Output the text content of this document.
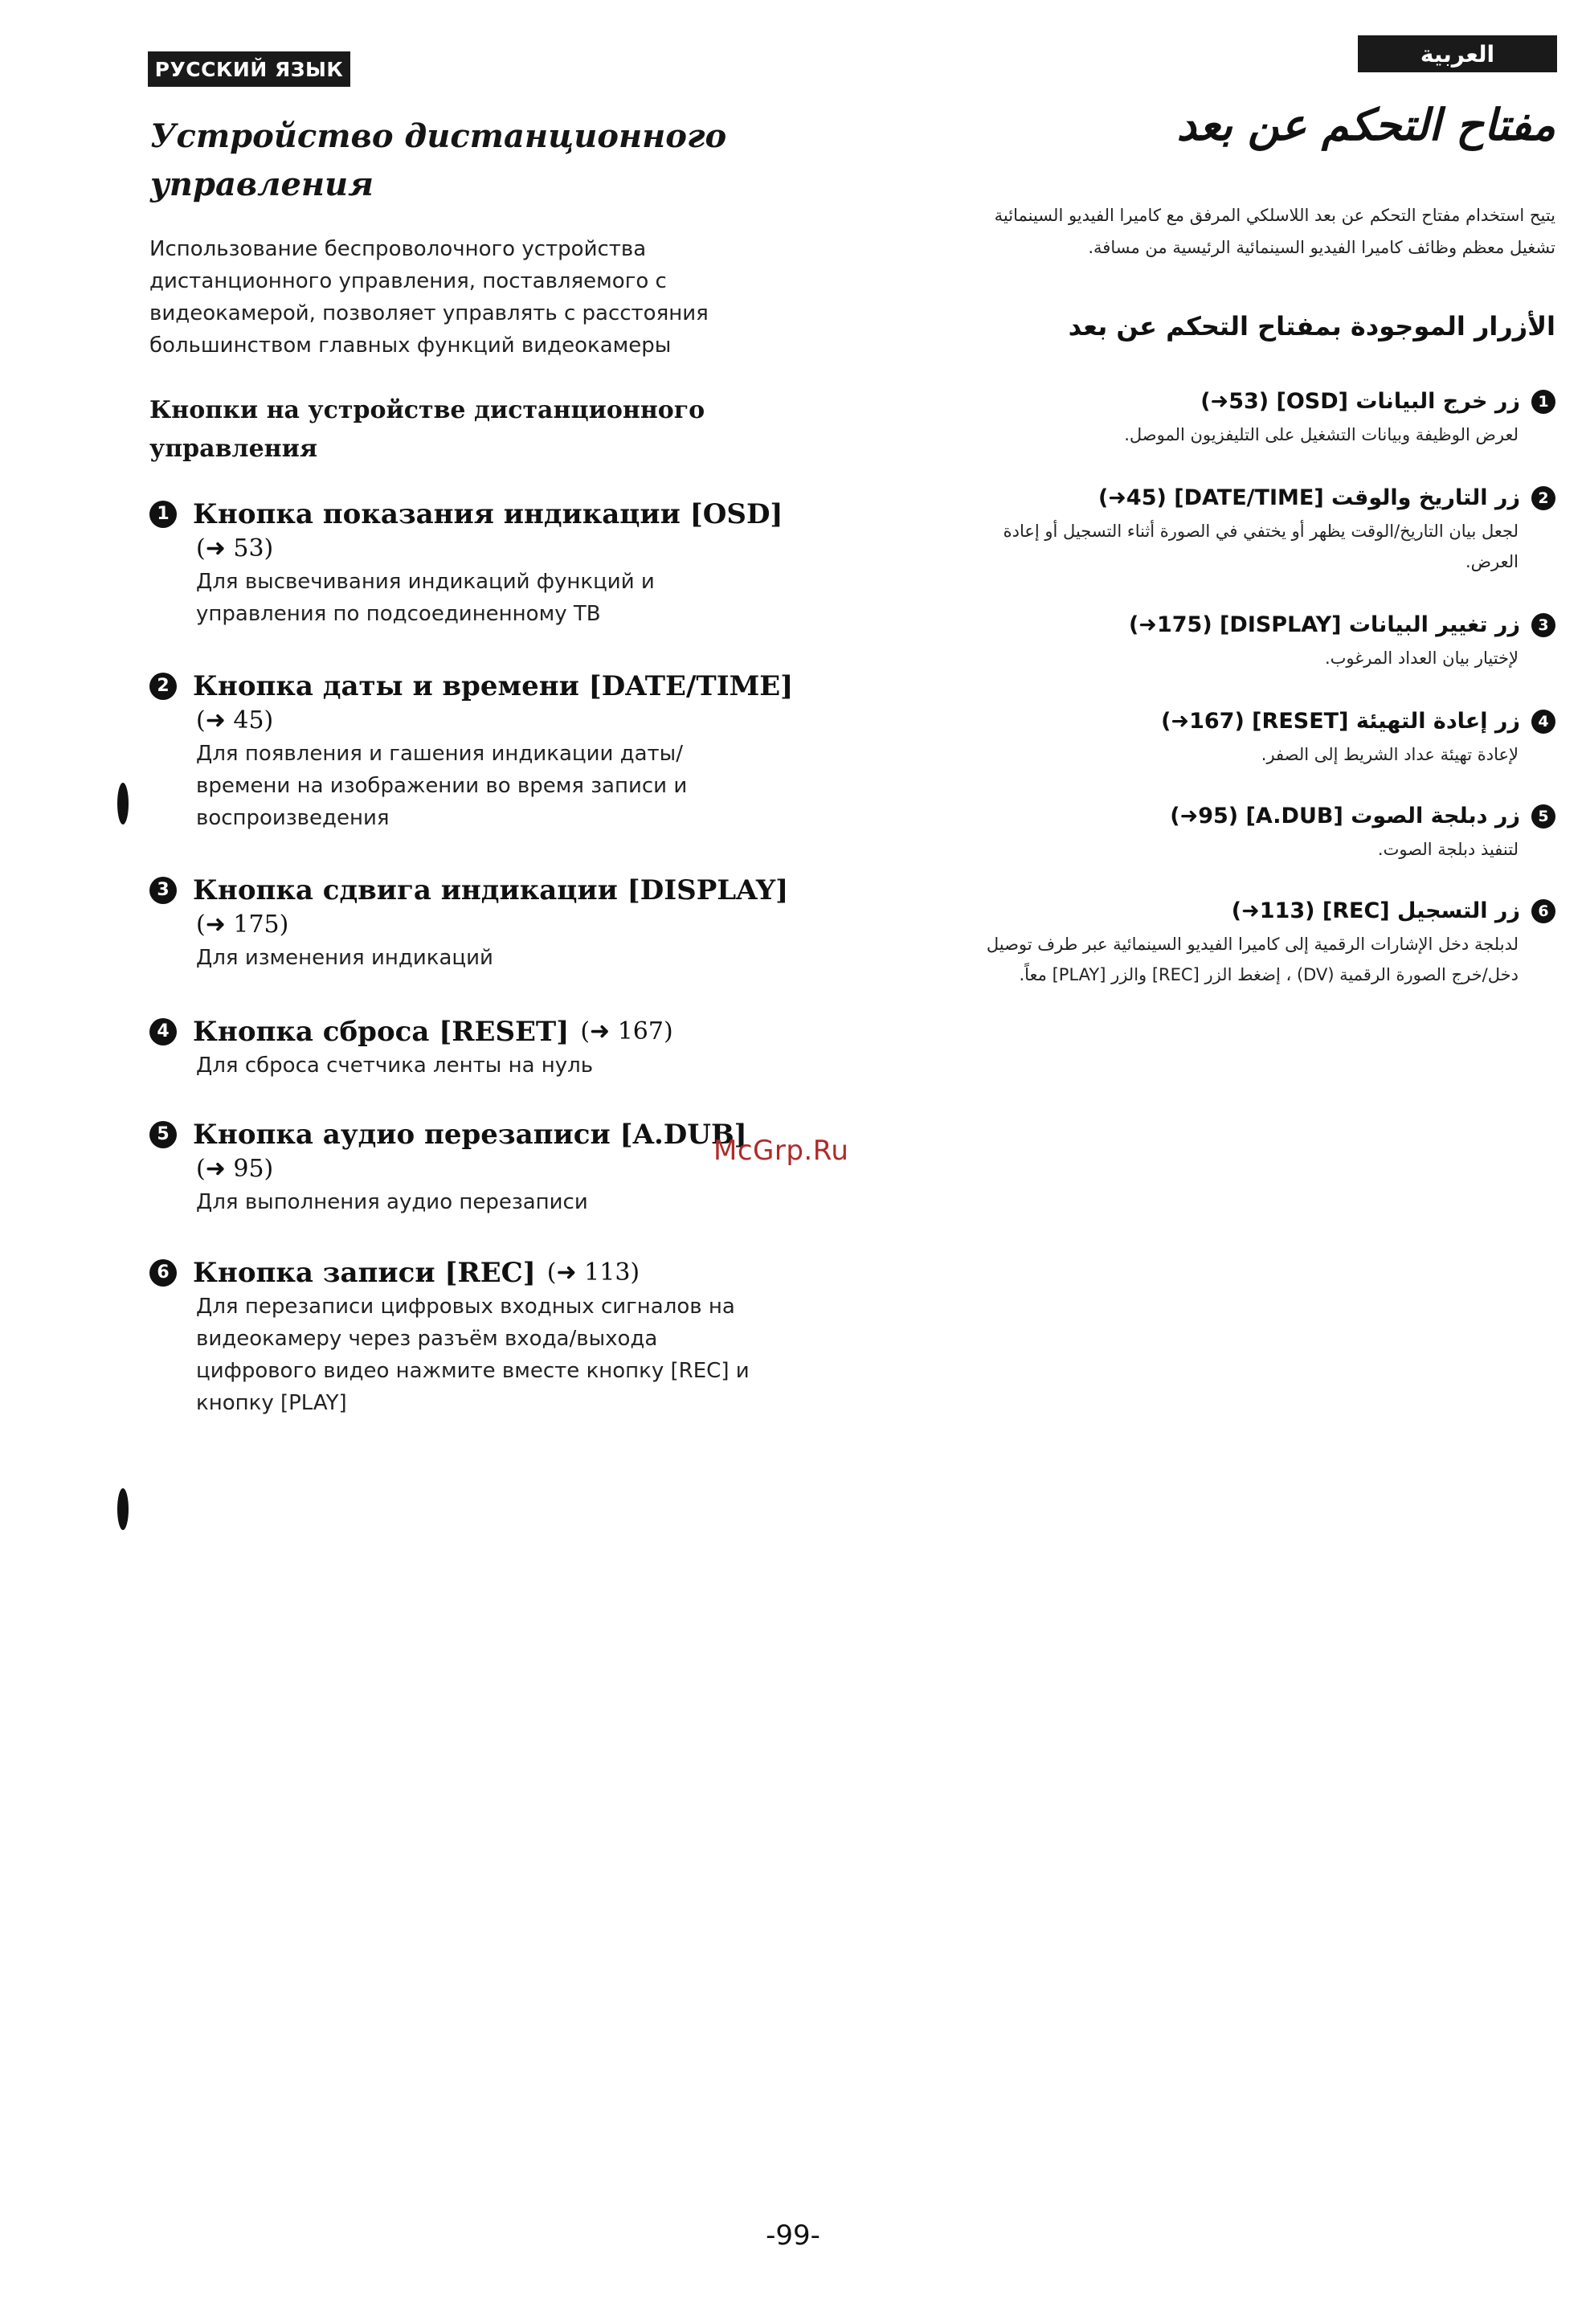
РУССКИЙ ЯЗЫК
العربية
Устройство дистанционного
управления
Использование беспроволочного устройства
дистанционного управления, поставляемого с
видеокамерой, позволяет управлять с расстояния
большинством главных функций видеокамеры
Кнопки на устройстве дистанционного
управления
1 Кнопка показания индикации [OSD]
(➜ 53)
Для высвечивания индикаций функций и
управления по подсоединенному ТВ
2 Кнопка даты и времени [DATE/TIME]
(➜ 45)
Для появления и гашения индикации даты/
времени на изображении во время записи и
воспроизведения
3 Кнопка сдвига индикации [DISPLAY]
(➜ 175)
Для изменения индикаций
4 Кнопка сброса [RESET] (➜ 167)
Для сброса счетчика ленты на нуль
5 Кнопка аудио перезаписи [A.DUB]
(➜ 95)
Для выполнения аудио перезаписи
6 Кнопка записи [REC] (➜ 113)
Для перезаписи цифровых входных сигналов на
видеокамеру через разъём входа/выхода
цифрового видео нажмите вместе кнопку [REC] и
кнопку [PLAY]
McGrp.Ru
مفتاح التحكم عن بعد
يتيح استخدام مفتاح التحكم عن بعد اللاسلكي المرفق مع كاميرا الفيديو السينمائية
تشغيل معظم وظائف كاميرا الفيديو السينمائية الرئيسية من مسافة.
الأزرار الموجودة بمفتاح التحكم عن بعد
1
زر خرج البيانات [OSD] (53➜)
لعرض الوظيفة وبيانات التشغيل على التليفزيون الموصل.
2
زر التاريخ والوقت [DATE/TIME] (45➜)
لجعل بيان التاريخ/الوقت يظهر أو يختفي في الصورة أثناء التسجيل أو إعادة
العرض.
3
زر تغيير البيانات [DISPLAY] (175➜)
لإختيار بيان العداد المرغوب.
4
زر إعادة التهيئة [RESET] (167➜)
لإعادة تهيئة عداد الشريط إلى الصفر.
5
زر دبلجة الصوت [A.DUB] (95➜)
لتنفيذ دبلجة الصوت.
6
زر التسجيل [REC] (113➜)
لدبلجة دخل الإشارات الرقمية إلى كاميرا الفيديو السينمائية عبر طرف توصيل
دخل/خرج الصورة الرقمية (DV) ، إضغط الزر [REC] والزر [PLAY] معاً.
-99-
